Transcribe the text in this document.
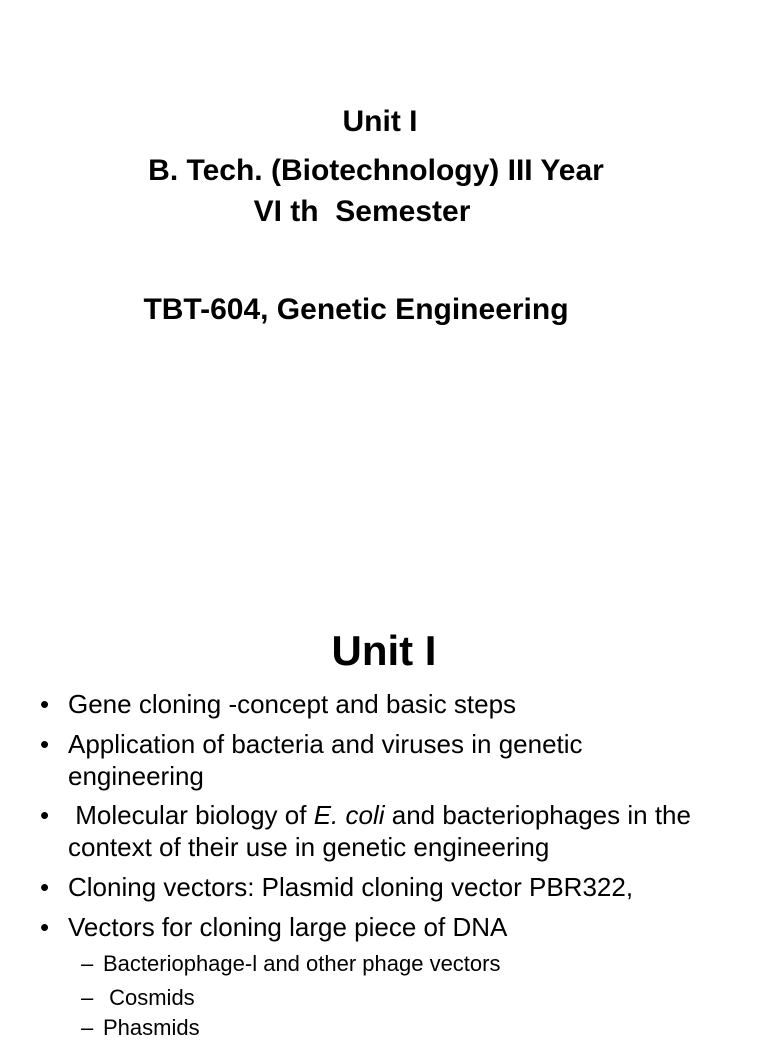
Unit I
B. Tech. (Biotechnology) III Year
VI th  Semester
TBT-604, Genetic Engineering
Unit I
• Gene cloning -concept and basic steps
• Application of bacteria and viruses in genetic engineering
• Molecular biology of E. coli and bacteriophages in the context of their use in genetic engineering
• Cloning vectors: Plasmid cloning vector PBR322,
• Vectors for cloning large piece of DNA
– Bacteriophage-l and other phage vectors
– Cosmids
– Phasmids
